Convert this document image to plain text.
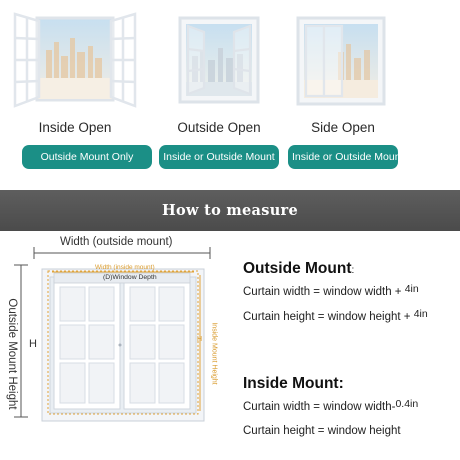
Inside Open
Outside Mount Only
Outside Open
Inside or Outside Mount
Side Open
Inside or Outside Mount
How to measure
Width (outside mount)
Width (inside mount)
(D)Window Depth
Outside Mount Height H	Inside Mount Height
H
Outside Mount:
Curtain width = window width + 4in
Curtain height = window height + 4in
Inside Mount:
Curtain width = window width-0.4in
Curtain height = window height
